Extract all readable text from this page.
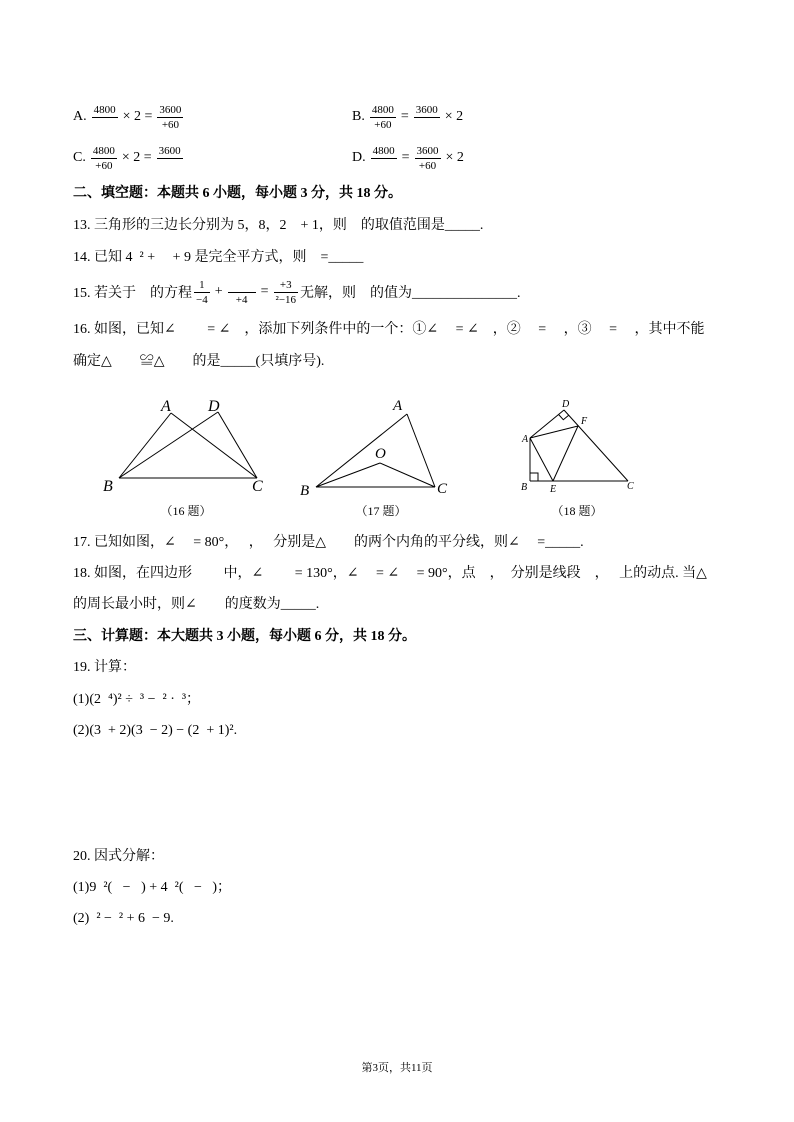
A. $4800 \times 2 = \frac{3600}{+60}$	B. $\frac{4800}{+60} = 3600 \times 2$
C. $\frac{4800}{+60} \times 2 = 3600$	D. $4800 = \frac{3600}{+60} \times 2$
二、填空题：本题共 6 小题，每小题 3 分，共 18 分。
13. 三角形的三边长分别为 5，8，2　+ 1，则　的取值范围是_____.
14. 已知 4  ² +　 + 9 是完全平方式，则　=_____
15. 若关于　的方程 $\frac{1}{-4}$ +
+4
= $\frac{+3}{\text{²−16}}$ 无解，则　的值为_______________.
16. 如图，已知∠　　 = ∠　，添加下列条件中的一个：①∠　 = ∠　，②　 = 　，③　 = 　，其中不能
确定△　　≌△　　的是_____(只填序号).
A D
B	C
A
O
B	C
A
D
F
B E	C
（16 题）	（17 题）	（18 题）
17. 已知如图，∠　 = 80°，　 ，　 分别是△　　的两个内角的平分线，则∠　 =_____.
18. 如图，在四边形　　 中，∠　　 = 130°，∠　 = ∠　 = 90°，点　，　分别是线段　，　 上的动点. 当△
的周长最小时，则∠　　的度数为_____.
三、计算题：本大题共 3 小题，每小题 6 分，共 18 分。
19. 计算：
(1)(2  ⁴)² ÷  ³ −  ² ·  ³；
(2)(3  + 2)(3  − 2) − (2  + 1)².
20. 因式分解：
(1)9  ²(   −   ) + 4  ²(   −   )；
(2)  ² −  ² + 6  − 9.
第3页，共11页
